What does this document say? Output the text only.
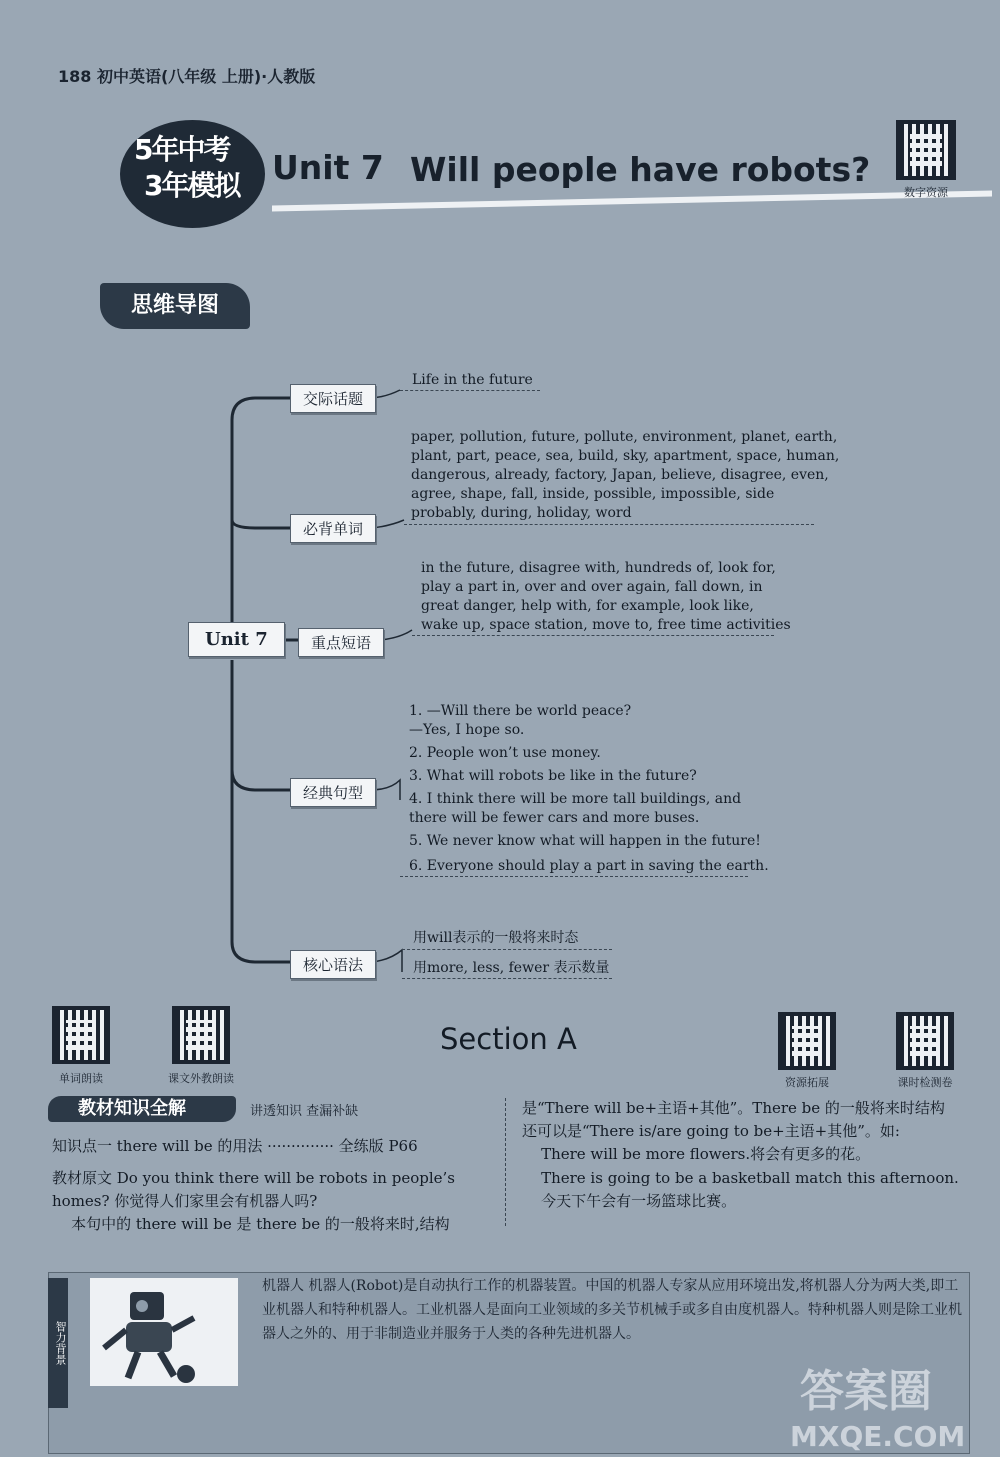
188 初中英语(八年级 上册)·人教版
5年中考
3年模拟 Unit 7 Will people have robots?
数字资源
思维导图
Unit 7
交际话题
Life in the future
必背单词
paper, pollution, future, pollute, environment, planet, earth,
plant, part, peace, sea, build, sky, apartment, space, human,
dangerous, already, factory, Japan, believe, disagree, even,
agree, shape, fall, inside, possible, impossible, side
probably, during, holiday, word
重点短语
in the future, disagree with, hundreds of, look for,
play a part in, over and over again, fall down, in
great danger, help with, for example, look like,
wake up, space station, move to, free time activities
经典句型
1. —Will there be world peace?
—Yes, I hope so.
2. People won’t use money.
3. What will robots be like in the future?
4. I think there will be more tall buildings, and
there will be fewer cars and more buses.
5. We never know what will happen in the future!
6. Everyone should play a part in saving the earth.
核心语法
用will表示的一般将来时态
用more, less, fewer 表示数量
单词朗读	课文外教朗读
Section A
资源拓展	课时检测卷
教材知识全解	讲透知识 查漏补缺
知识点一 there will be 的用法 ·············· 全练版 P66
教材原文 Do you think there will be robots in people’s
homes? 你觉得人们家里会有机器人吗?
本句中的 there will be 是 there be 的一般将来时,结构
是“There will be+主语+其他”。There be 的一般将来时结构
还可以是“There is/are going to be+主语+其他”。如:
There will be more flowers.将会有更多的花。
There is going to be a basketball match this afternoon.
今天下午会有一场篮球比赛。
智力背景
机器人 机器人(Robot)是自动执行工作的机器装置。中国的机器人专家从应用环境出发,将机器人分为两大类,即工业机器人和特种机器人。工业机器人是面向工业领域的多关节机械手或多自由度机器人。特种机器人则是除工业机器人之外的、用于非制造业并服务于人类的各种先进机器人。
答案圈
MXQE.COM
